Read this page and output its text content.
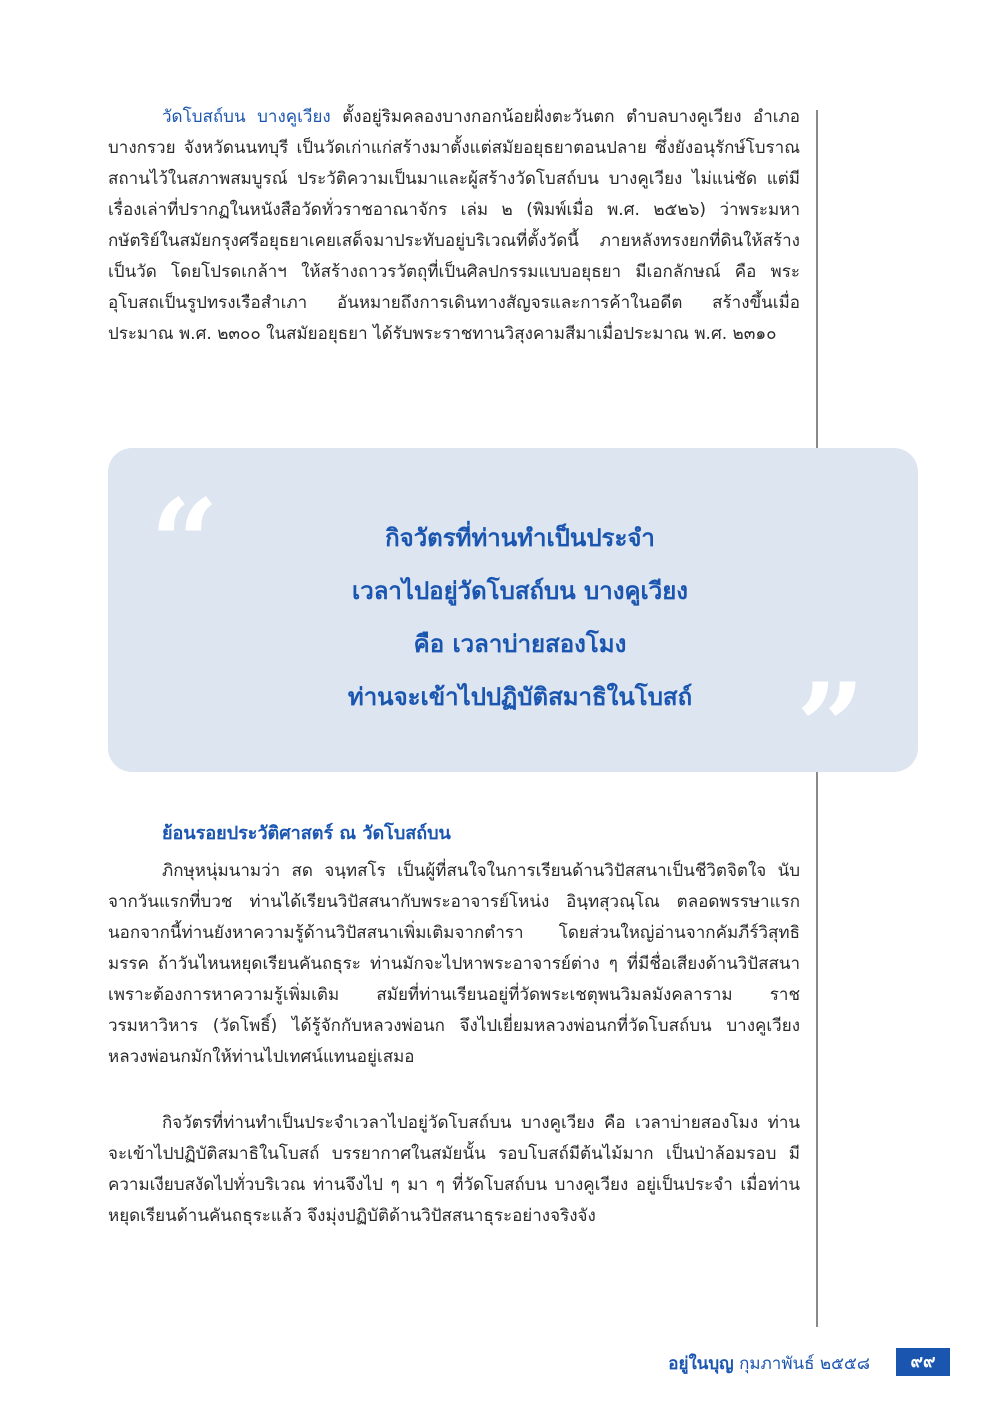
วัดโบสถ์บน บางคูเวียง ตั้งอยู่ริมคลองบางกอกน้อยฝั่งตะวันตก ตำบลบางคูเวียง อำเภอบางกรวย จังหวัดนนทบุรี เป็นวัดเก่าแก่สร้างมาตั้งแต่สมัยอยุธยาตอนปลาย ซึ่งยังอนุรักษ์โบราณสถานไว้ในสภาพสมบูรณ์ ประวัติความเป็นมาและผู้สร้างวัดโบสถ์บน บางคูเวียง ไม่แน่ชัด แต่มีเรื่องเล่าที่ปรากฏในหนังสือวัดทั่วราชอาณาจักร เล่ม ๒ (พิมพ์เมื่อ พ.ศ. ๒๕๒๖) ว่าพระมหากษัตริย์ในสมัยกรุงศรีอยุธยาเคยเสด็จมาประทับอยู่บริเวณที่ตั้งวัดนี้ ภายหลังทรงยกที่ดินให้สร้างเป็นวัด โดยโปรดเกล้าฯ ให้สร้างถาวรวัตถุที่เป็นศิลปกรรมแบบอยุธยา มีเอกลักษณ์ คือ พระอุโบสถเป็นรูปทรงเรือสำเภา อันหมายถึงการเดินทางสัญจรและการค้าในอดีต สร้างขึ้นเมื่อประมาณ พ.ศ. ๒๓๐๐ ในสมัยอยุธยา ได้รับพระราชทานวิสุงคามสีมาเมื่อประมาณ พ.ศ. ๒๓๑๐

“
”
กิจวัตรที่ท่านทำเป็นประจำ
เวลาไปอยู่วัดโบสถ์บน บางคูเวียง
คือ เวลาบ่ายสองโมง
ท่านจะเข้าไปปฏิบัติสมาธิในโบสถ์
ย้อนรอยประวัติศาสตร์ ณ วัดโบสถ์บน

ภิกษุหนุ่มนามว่า สด จนฺทสโร เป็นผู้ที่สนใจในการเรียนด้านวิปัสสนาเป็นชีวิตจิตใจ นับจากวันแรกที่บวช ท่านได้เรียนวิปัสสนากับพระอาจารย์โหน่ง อินฺทสุวณฺโณ ตลอดพรรษาแรก นอกจากนี้ท่านยังหาความรู้ด้านวิปัสสนาเพิ่มเติมจากตำรา โดยส่วนใหญ่อ่านจากคัมภีร์วิสุทธิมรรค ถ้าวันไหนหยุดเรียนคันถธุระ ท่านมักจะไปหาพระอาจารย์ต่าง ๆ ที่มีชื่อเสียงด้านวิปัสสนา เพราะต้องการหาความรู้เพิ่มเติม สมัยที่ท่านเรียนอยู่ที่วัดพระเชตุพนวิมลมังคลาราม ราชวรมหาวิหาร (วัดโพธิ์) ได้รู้จักกับหลวงพ่อนก จึงไปเยี่ยมหลวงพ่อนกที่วัดโบสถ์บน บางคูเวียง หลวงพ่อนกมักให้ท่านไปเทศน์แทนอยู่เสมอ

กิจวัตรที่ท่านทำเป็นประจำเวลาไปอยู่วัดโบสถ์บน บางคูเวียง คือ เวลาบ่ายสองโมง ท่านจะเข้าไปปฏิบัติสมาธิในโบสถ์ บรรยากาศในสมัยนั้น รอบโบสถ์มีต้นไม้มาก เป็นป่าล้อมรอบ มีความเงียบสงัดไปทั่วบริเวณ ท่านจึงไป ๆ มา ๆ ที่วัดโบสถ์บน บางคูเวียง อยู่เป็นประจำ เมื่อท่านหยุดเรียนด้านคันถธุระแล้ว จึงมุ่งปฏิบัติด้านวิปัสสนาธุระอย่างจริงจัง

อยู่ในบุญ กุมภาพันธ์ ๒๕๕๘	๙๙
